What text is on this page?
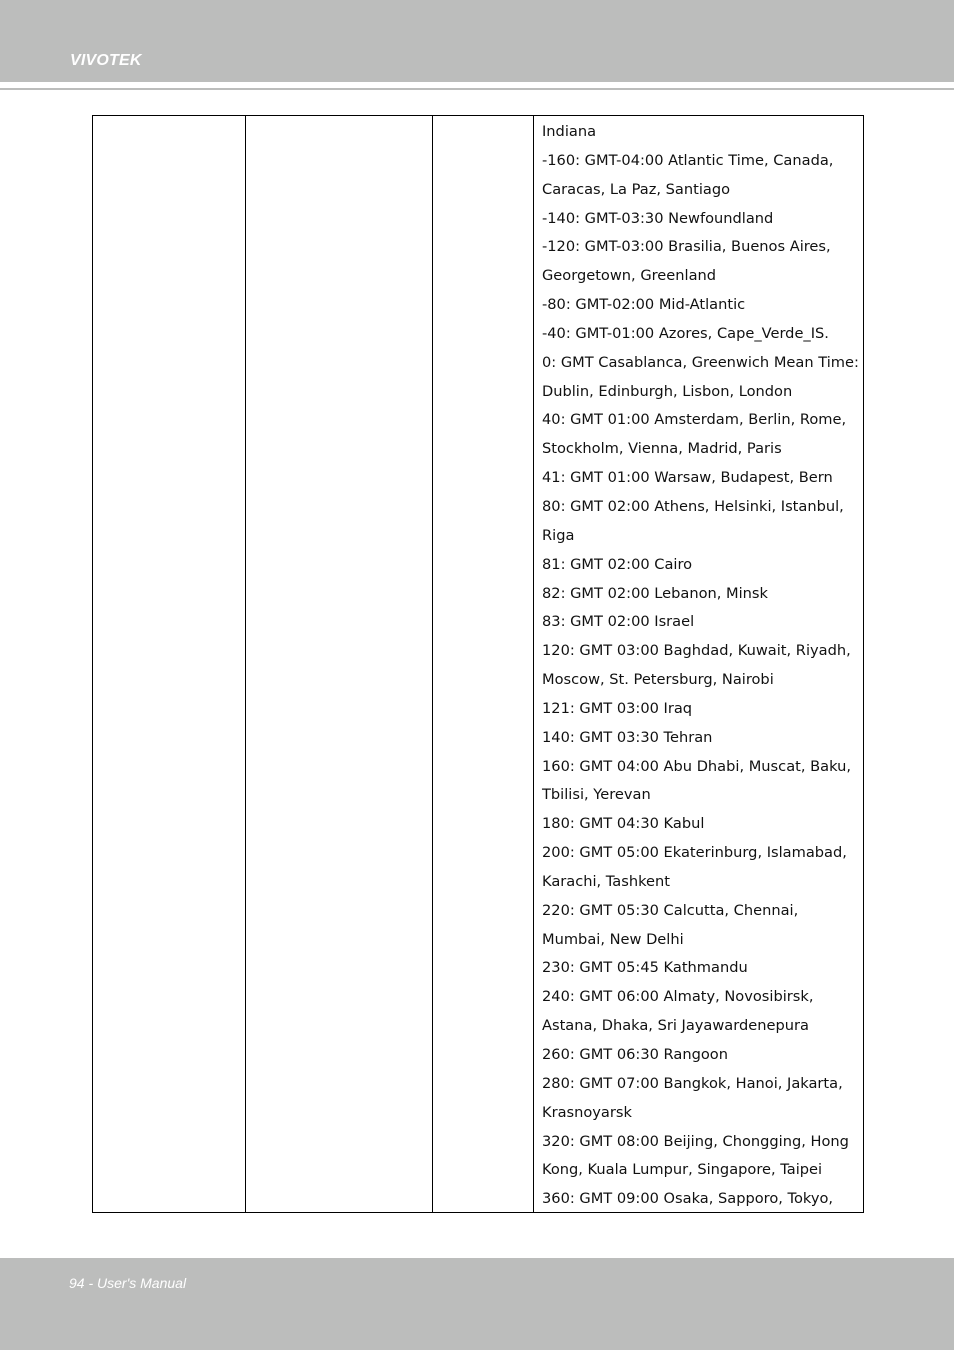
VIVOTEK
Indiana
-160: GMT-04:00 Atlantic Time, Canada,
Caracas, La Paz, Santiago
-140: GMT-03:30 Newfoundland
-120: GMT-03:00 Brasilia, Buenos Aires,
Georgetown, Greenland
-80: GMT-02:00 Mid-Atlantic
-40: GMT-01:00 Azores, Cape_Verde_IS.
0: GMT Casablanca, Greenwich Mean Time:
Dublin, Edinburgh, Lisbon, London
40: GMT 01:00 Amsterdam, Berlin, Rome,
Stockholm, Vienna, Madrid, Paris
41: GMT 01:00 Warsaw, Budapest, Bern
80: GMT 02:00 Athens, Helsinki, Istanbul,
Riga
81: GMT 02:00 Cairo
82: GMT 02:00 Lebanon, Minsk
83: GMT 02:00 Israel
120: GMT 03:00 Baghdad, Kuwait, Riyadh,
Moscow, St. Petersburg, Nairobi
121: GMT 03:00 Iraq
140: GMT 03:30 Tehran
160: GMT 04:00 Abu Dhabi, Muscat, Baku,
Tbilisi, Yerevan
180: GMT 04:30 Kabul
200: GMT 05:00 Ekaterinburg, Islamabad,
Karachi, Tashkent
220: GMT 05:30 Calcutta, Chennai,
Mumbai, New Delhi
230: GMT 05:45 Kathmandu
240: GMT 06:00 Almaty, Novosibirsk,
Astana, Dhaka, Sri Jayawardenepura
260: GMT 06:30 Rangoon
280: GMT 07:00 Bangkok, Hanoi, Jakarta,
Krasnoyarsk
320: GMT 08:00 Beijing, Chongging, Hong
Kong, Kuala Lumpur, Singapore, Taipei
360: GMT 09:00 Osaka, Sapporo, Tokyo,
94 - User's Manual
